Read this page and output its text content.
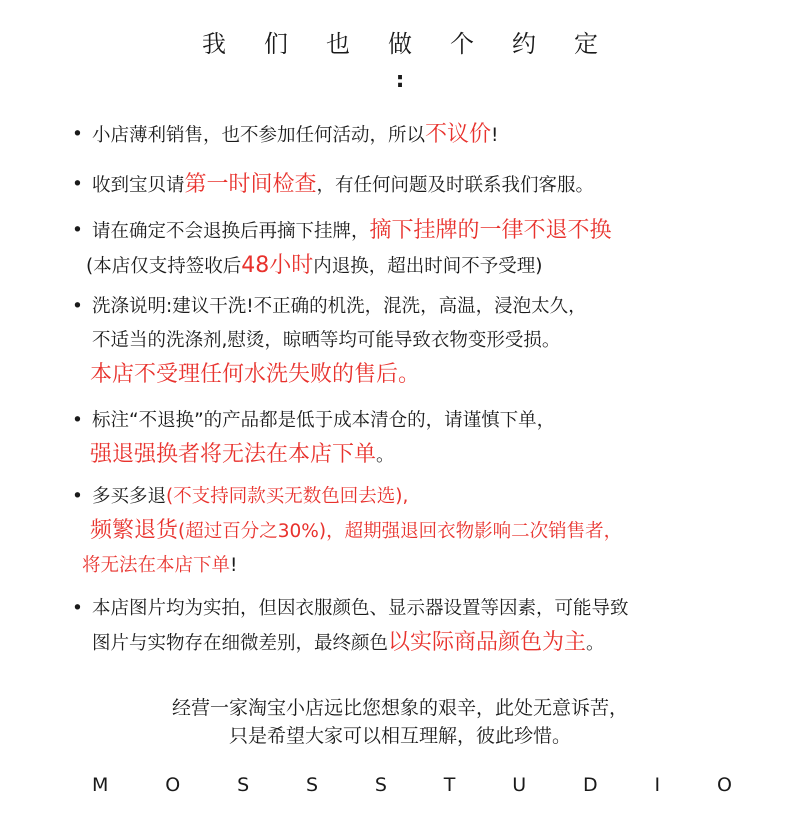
我们也做个约定
:
• 小店薄利销售，也不参加任何活动，所以不议价!
• 收到宝贝请第一时间检查，有任何问题及时联系我们客服。
• 请在确定不会退换后再摘下挂牌，摘下挂牌的一律不退不换
(本店仅支持签收后48小时内退换，超出时间不予受理)
• 洗涤说明:建议干洗!不正确的机洗，混洗，高温，浸泡太久，
不适当的洗涤剂,慰烫，晾晒等均可能导致衣物变形受损。
本店不受理任何水洗失败的售后。
• 标注“不退换”的产品都是低于成本清仓的，请谨慎下单，
强退强换者将无法在本店下单。
• 多买多退(不支持同款买无数色回去选),
频繁退货(超过百分之30%)，超期强退回衣物影响二次销售者，
将无法在本店下单!
• 本店图片均为实拍，但因衣服颜色、显示器设置等因素，可能导致
图片与实物存在细微差别，最终颜色以实际商品颜色为主。
经营一家淘宝小店远比您想象的艰辛，此处无意诉苦，
只是希望大家可以相互理解，彼此珍惜。
M	O	S	S	S	T	U	D	I	O
